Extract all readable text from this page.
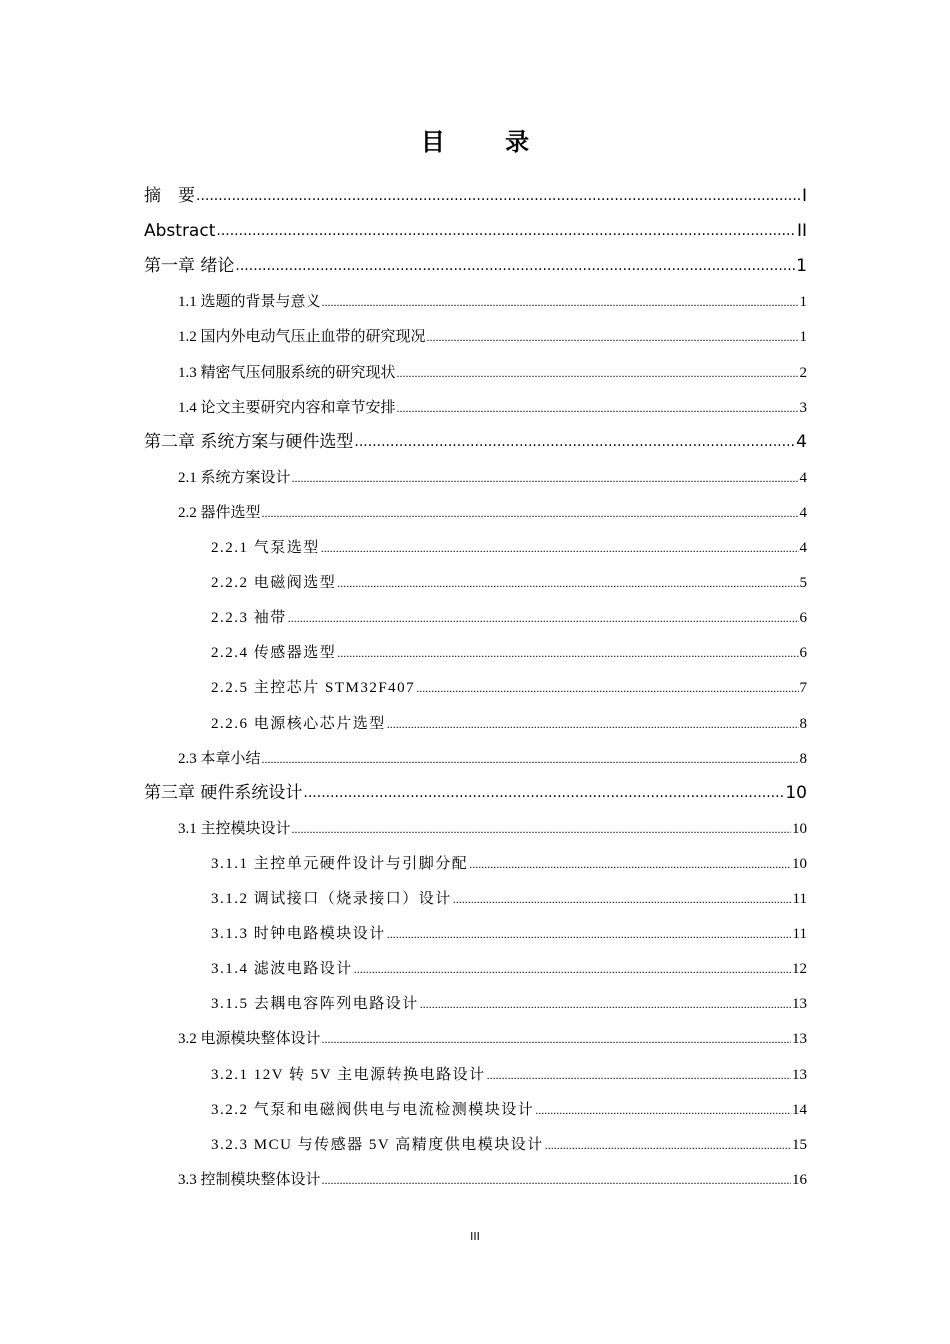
目 录
摘　要 .....	I
Abstract .....	II
第一章 绪论 .....	1
1.1 选题的背景与意义 .....	1
1.2 国内外电动气压止血带的研究现况 .....	1
1.3 精密气压伺服系统的研究现状 .....	2
1.4 论文主要研究内容和章节安排 .....	3
第二章 系统方案与硬件选型 .....	4
2.1 系统方案设计 .....	4
2.2 器件选型 .....	4
2.2.1 气泵选型 .....	4
2.2.2 电磁阀选型 .....	5
2.2.3 袖带 .....	6
2.2.4 传感器选型 .....	6
2.2.5 主控芯片 STM32F407 .....	7
2.2.6 电源核心芯片选型 .....	8
2.3 本章小结 .....	8
第三章 硬件系统设计 .....	10
3.1 主控模块设计 .....	10
3.1.1 主控单元硬件设计与引脚分配 .....	10
3.1.2 调试接口（烧录接口）设计 .....	11
3.1.3 时钟电路模块设计 .....	11
3.1.4 滤波电路设计 .....	12
3.1.5 去耦电容阵列电路设计 .....	13
3.2 电源模块整体设计 .....	13
3.2.1 12V 转 5V 主电源转换电路设计 .....	13
3.2.2 气泵和电磁阀供电与电流检测模块设计 .....	14
3.2.3 MCU 与传感器 5V 高精度供电模块设计 .....	15
3.3 控制模块整体设计 .....	16
III
